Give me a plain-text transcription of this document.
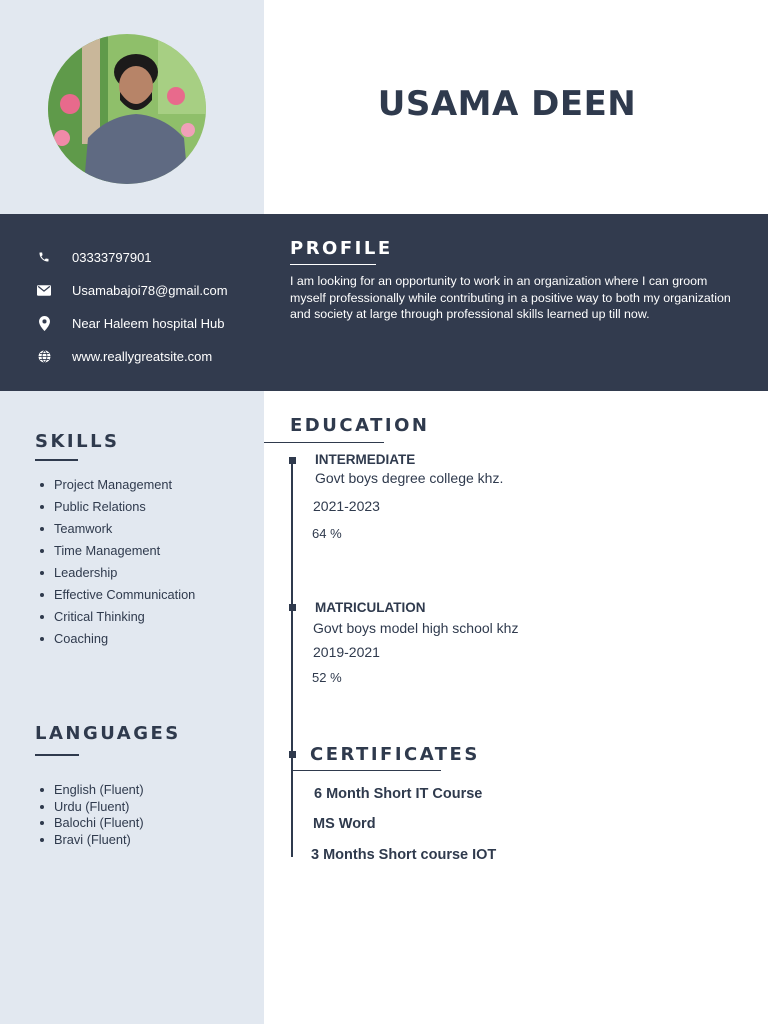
USAMA DEEN
03333797901
Usamabajoi78@gmail.com
Near Haleem hospital Hub
www.reallygreatsite.com
PROFILE
I am looking for an opportunity to work in an organization where I can groom myself professionally while contributing in a positive way to both my organization and society at large through professional skills learned up till now.
SKILLS
Project Management
Public Relations
Teamwork
Time Management
Leadership
Effective Communication
Critical Thinking
Coaching
LANGUAGES
English (Fluent)
Urdu (Fluent)
Balochi (Fluent)
Bravi (Fluent)
EDUCATION
INTERMEDIATE
Govt boys degree college khz.
2021-2023
64 %
MATRICULATION
Govt boys model high school khz
2019-2021
52 %
CERTIFICATES
6 Month Short IT Course
MS Word
3 Months Short course IOT
